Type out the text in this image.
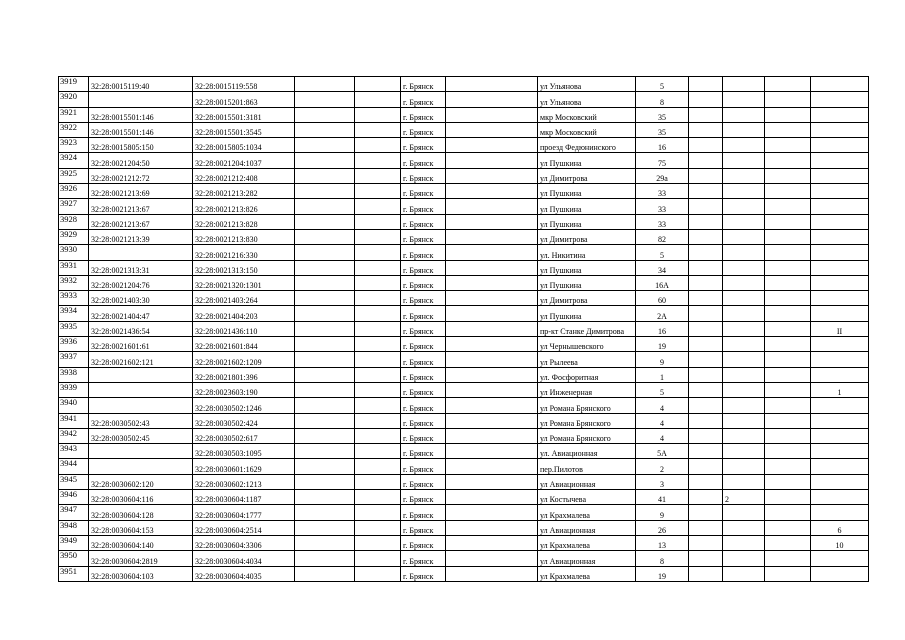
3919	32:28:0015119:40	32:28:0015119:558			г. Брянск		ул Ульянова	5				
3920		32:28:0015201:863			г. Брянск		ул Ульянова	8				
3921	32:28:0015501:146	32:28:0015501:3181			г. Брянск		мкр Московский	35				
3922	32:28:0015501:146	32:28:0015501:3545			г. Брянск		мкр Московский	35				
3923	32:28:0015805:150	32:28:0015805:1034			г. Брянск		проезд Федюнинского	16				
3924	32:28:0021204:50	32:28:0021204:1037			г. Брянск		ул Пушкина	75				
3925	32:28:0021212:72	32:28:0021212:408			г. Брянск		ул Димитрова	29а				
3926	32:28:0021213:69	32:28:0021213:282			г. Брянск		ул Пушкина	33				
3927	32:28:0021213:67	32:28:0021213:826			г. Брянск		ул Пушкина	33				
3928	32:28:0021213:67	32:28:0021213:828			г. Брянск		ул Пушкина	33				
3929	32:28:0021213:39	32:28:0021213:830			г. Брянск		ул Димитрова	82				
3930		32:28:0021216:330			г. Брянск		ул. Никитина	5				
3931	32:28:0021313:31	32:28:0021313:150			г. Брянск		ул Пушкина	34				
3932	32:28:0021204:76	32:28:0021320:1301			г. Брянск		ул Пушкина	16А				
3933	32:28:0021403:30	32:28:0021403:264			г. Брянск		ул Димитрова	60				
3934	32:28:0021404:47	32:28:0021404:203			г. Брянск		ул Пушкина	2А				
3935	32:28:0021436:54	32:28:0021436:110			г. Брянск		пр-кт Станке Димитрова	16				II
3936	32:28:0021601:61	32:28:0021601:844			г. Брянск		ул Чернышевского	19				
3937	32:28:0021602:121	32:28:0021602:1209			г. Брянск		ул Рылеева	9				
3938		32:28:0021801:396			г. Брянск		ул. Фосфоритная	1				
3939		32:28:0023603:190			г. Брянск		ул Инженерная	5				1
3940		32:28:0030502:1246			г. Брянск		ул Романа Брянского	4				
3941	32:28:0030502:43	32:28:0030502:424			г. Брянск		ул Романа Брянского	4				
3942	32:28:0030502:45	32:28:0030502:617			г. Брянск		ул Романа Брянского	4				
3943		32:28:0030503:1095			г. Брянск		ул. Авиационная	5А				
3944		32:28:0030601:1629			г. Брянск		пер.Пилотов	2				
3945	32:28:0030602:120	32:28:0030602:1213			г. Брянск		ул Авиационная	3				
3946	32:28:0030604:116	32:28:0030604:1187			г. Брянск		ул Костычева	41		2		
3947	32:28:0030604:128	32:28:0030604:1777			г. Брянск		ул Крахмалева	9				
3948	32:28:0030604:153	32:28:0030604:2514			г. Брянск		ул Авиационная	26				6
3949	32:28:0030604:140	32:28:0030604:3306			г. Брянск		ул Крахмалева	13				10
3950	32:28:0030604:2819	32:28:0030604:4034			г. Брянск		ул Авиационная	8				
3951	32:28:0030604:103	32:28:0030604:4035			г. Брянск		ул Крахмалева	19				
